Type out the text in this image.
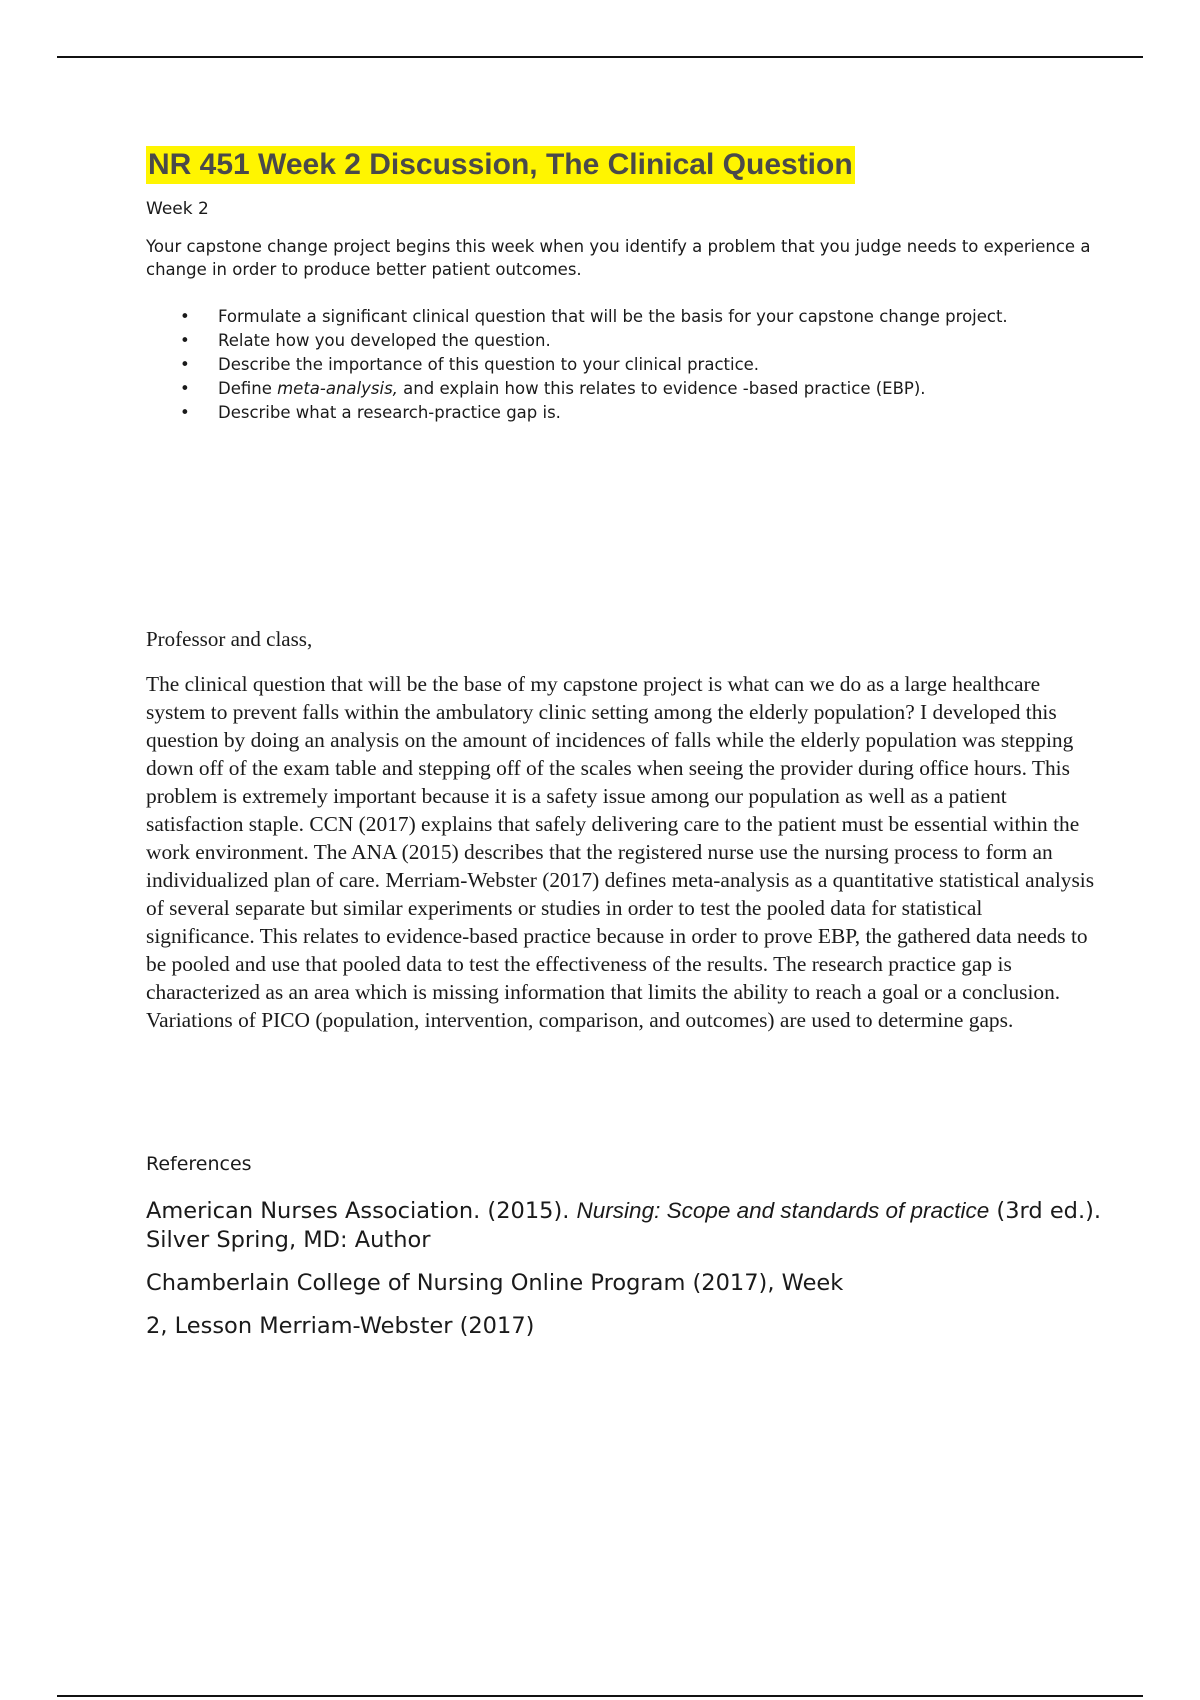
NR 451 Week 2 Discussion, The Clinical Question

Week 2

Your capstone change project begins this week when you identify a problem that you judge needs to experience a change in order to produce better patient outcomes.

• Formulate a significant clinical question that will be the basis for your capstone change project.
• Relate how you developed the question.
• Describe the importance of this question to your clinical practice.
• Define meta-analysis, and explain how this relates to evidence -based practice (EBP).
• Describe what a research-practice gap is.

Professor and class,

The clinical question that will be the base of my capstone project is what can we do as a large healthcare system to prevent falls within the ambulatory clinic setting among the elderly population? I developed this question by doing an analysis on the amount of incidences of falls while the elderly population was stepping down off of the exam table and stepping off of the scales when seeing the provider during office hours. This problem is extremely important because it is a safety issue among our population as well as a patient satisfaction staple. CCN (2017) explains that safely delivering care to the patient must be essential within the work environment. The ANA (2015) describes that the registered nurse use the nursing process to form an individualized plan of care. Merriam-Webster (2017) defines meta-analysis as a quantitative statistical analysis of several separate but similar experiments or studies in order to test the pooled data for statistical significance. This relates to evidence-based practice because in order to prove EBP, the gathered data needs to be pooled and use that pooled data to test the effectiveness of the results. The research practice gap is characterized as an area which is missing information that limits the ability to reach a goal or a conclusion. Variations of PICO (population, intervention, comparison, and outcomes) are used to determine gaps.

References

American Nurses Association. (2015). Nursing: Scope and standards of practice (3rd ed.). Silver Spring, MD: Author

Chamberlain College of Nursing Online Program (2017), Week

2, Lesson Merriam-Webster (2017)
